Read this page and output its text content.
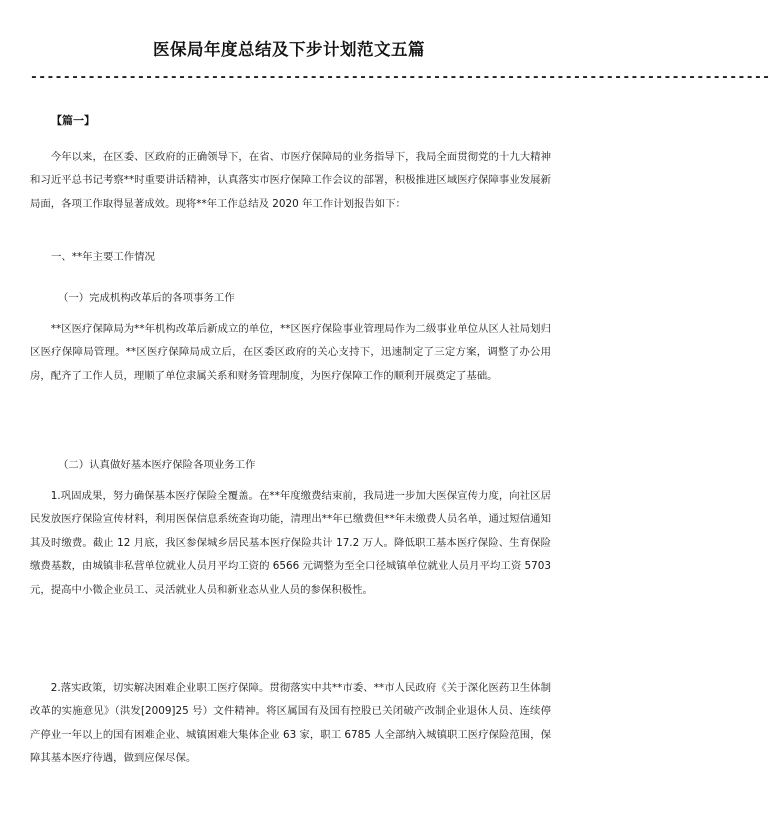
医保局年度总结及下步计划范文五篇
------------------------------------------------------------------------------------------
【篇一】

今年以来，在区委、区政府的正确领导下，在省、市医疗保障局的业务指导下，我局全面贯彻党的十九大精神和习近平总书记考察**时重要讲话精神，认真落实市医疗保障工作会议的部署，积极推进区域医疗保障事业发展新局面，各项工作取得显著成效。现将**年工作总结及 2020 年工作计划报告如下：

一、**年主要工作情况
（一）完成机构改革后的各项事务工作

**区医疗保障局为**年机构改革后新成立的单位，**区医疗保险事业管理局作为二级事业单位从区人社局划归区医疗保障局管理。**区医疗保障局成立后，在区委区政府的关心支持下，迅速制定了三定方案，调整了办公用房，配齐了工作人员，理顺了单位隶属关系和财务管理制度，为医疗保障工作的顺利开展奠定了基础。

（二）认真做好基本医疗保险各项业务工作

1.巩固成果，努力确保基本医疗保险全覆盖。在**年度缴费结束前，我局进一步加大医保宣传力度，向社区居民发放医疗保险宣传材料，利用医保信息系统查询功能，清理出**年已缴费但**年未缴费人员名单，通过短信通知其及时缴费。截止 12 月底，我区参保城乡居民基本医疗保险共计 17.2 万人。降低职工基本医疗保险、生育保险缴费基数，由城镇非私营单位就业人员月平均工资的 6566 元调整为至全口径城镇单位就业人员月平均工资 5703 元，提高中小微企业员工、灵活就业人员和新业态从业人员的参保积极性。

2.落实政策，切实解决困难企业职工医疗保障。贯彻落实中共**市委、**市人民政府《关于深化医药卫生体制改革的实施意见》（洪发[2009]25 号）文件精神。将区属国有及国有控股已关闭破产改制企业退休人员、连续停产停业一年以上的国有困难企业、城镇困难大集体企业 63 家，职工 6785 人全部纳入城镇职工医疗保险范围，保障其基本医疗待遇，做到应保尽保。
